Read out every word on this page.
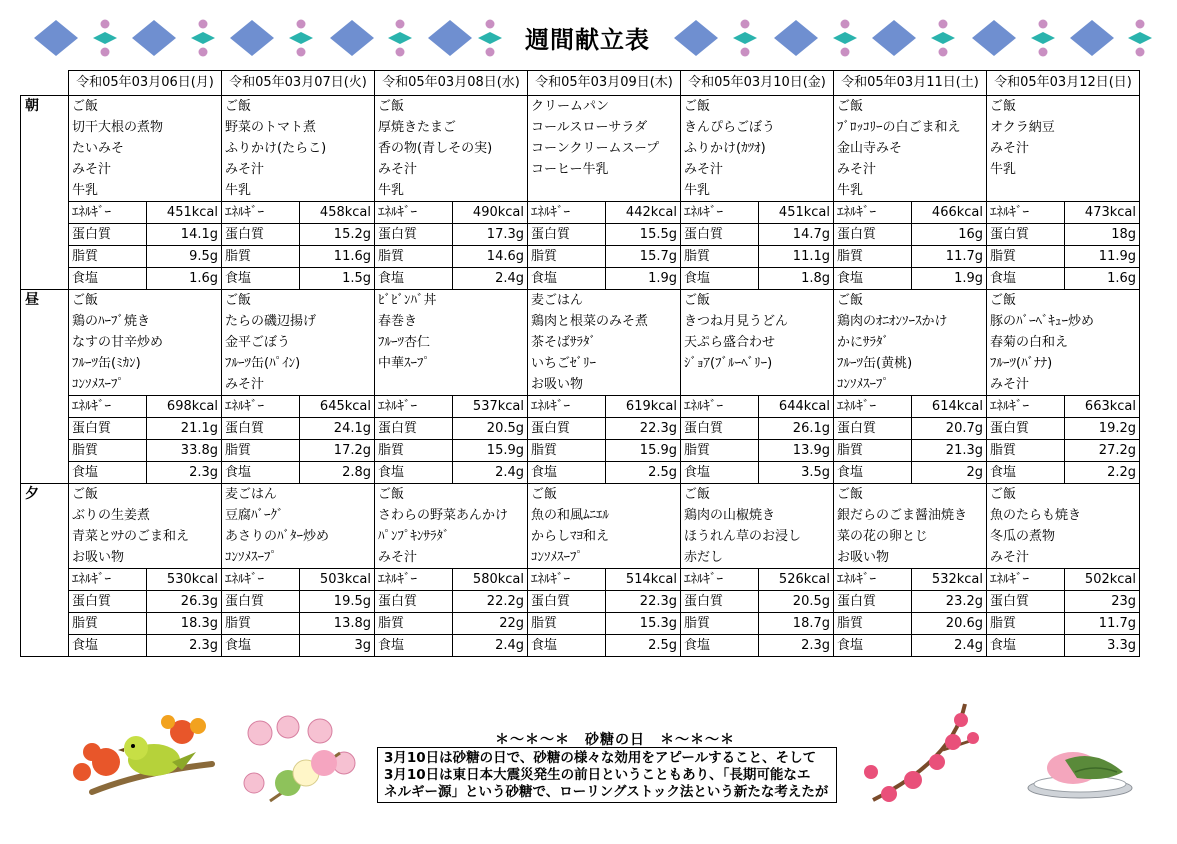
週間献立表
	令和05年03月06日(月)		令和05年03月07日(火)		令和05年03月08日(水)		令和05年03月09日(木)		令和05年03月10日(金)		令和05年03月11日(土)		令和05年03月12日(日)	
朝	ご飯		ご飯		ご飯		クリームパン		ご飯		ご飯		ご飯	
	切干大根の煮物		野菜のトマト煮		厚焼きたまご		コールスローサラダ		きんぴらごぼう		ﾌﾞﾛｯｺﾘｰの白ごま和え		オクラ納豆	
	たいみそ		ふりかけ(たらこ)		香の物(青しその実)		コーンクリームスープ		ふりかけ(ｶﾂｵ)		金山寺みそ		みそ汁	
	みそ汁		みそ汁		みそ汁		コーヒー牛乳		みそ汁		みそ汁		牛乳	
	牛乳		牛乳		牛乳				牛乳		牛乳			
	ｴﾈﾙｷﾞｰ	451kcal	ｴﾈﾙｷﾞｰ	458kcal	ｴﾈﾙｷﾞｰ	490kcal	ｴﾈﾙｷﾞｰ	442kcal	ｴﾈﾙｷﾞｰ	451kcal	ｴﾈﾙｷﾞｰ	466kcal	ｴﾈﾙｷﾞｰ	473kcal
	蛋白質	14.1g	蛋白質	15.2g	蛋白質	17.3g	蛋白質	15.5g	蛋白質	14.7g	蛋白質	16g	蛋白質	18g
	脂質	9.5g	脂質	11.6g	脂質	14.6g	脂質	15.7g	脂質	11.1g	脂質	11.7g	脂質	11.9g
	食塩	1.6g	食塩	1.5g	食塩	2.4g	食塩	1.9g	食塩	1.8g	食塩	1.9g	食塩	1.6g
昼	ご飯		ご飯		ﾋﾞﾋﾞﾝﾊﾞ丼		麦ごはん		ご飯		ご飯		ご飯	
	鶏のﾊｰﾌﾞ焼き		たらの磯辺揚げ		春巻き		鶏肉と根菜のみそ煮		きつね月見うどん		鶏肉のｵﾆｵﾝｿｰｽかけ		豚のﾊﾞｰﾍﾞｷｭｰ炒め	
	なすの甘辛炒め		金平ごぼう		ﾌﾙｰﾂ杏仁		茶そばｻﾗﾀﾞ		天ぷら盛合わせ		かにｻﾗﾀﾞ		春菊の白和え	
	ﾌﾙｰﾂ缶(ﾐｶﾝ)		ﾌﾙｰﾂ缶(ﾊﾟｲﾝ)		中華ｽｰﾌﾟ		いちごｾﾞﾘｰ		ｼﾞｮｱ(ﾌﾞﾙｰﾍﾞﾘｰ)		ﾌﾙｰﾂ缶(黄桃)		ﾌﾙｰﾂ(ﾊﾞﾅﾅ)	
	ｺﾝｿﾒｽｰﾌﾟ		みそ汁				お吸い物				ｺﾝｿﾒｽｰﾌﾟ		みそ汁	
	ｴﾈﾙｷﾞｰ	698kcal	ｴﾈﾙｷﾞｰ	645kcal	ｴﾈﾙｷﾞｰ	537kcal	ｴﾈﾙｷﾞｰ	619kcal	ｴﾈﾙｷﾞｰ	644kcal	ｴﾈﾙｷﾞｰ	614kcal	ｴﾈﾙｷﾞｰ	663kcal
	蛋白質	21.1g	蛋白質	24.1g	蛋白質	20.5g	蛋白質	22.3g	蛋白質	26.1g	蛋白質	20.7g	蛋白質	19.2g
	脂質	33.8g	脂質	17.2g	脂質	15.9g	脂質	15.9g	脂質	13.9g	脂質	21.3g	脂質	27.2g
	食塩	2.3g	食塩	2.8g	食塩	2.4g	食塩	2.5g	食塩	3.5g	食塩	2g	食塩	2.2g
夕	ご飯		麦ごはん		ご飯		ご飯		ご飯		ご飯		ご飯	
	ぶりの生姜煮		豆腐ﾊﾞｰｸﾞ		さわらの野菜あんかけ		魚の和風ﾑﾆｴﾙ		鶏肉の山椒焼き		銀だらのごま醤油焼き		魚のたらも焼き	
	青菜とﾂﾅのごま和え		あさりのﾊﾞﾀｰ炒め		ﾊﾟﾝﾌﾟｷﾝｻﾗﾀﾞ		からしﾏﾖ和え		ほうれん草のお浸し		菜の花の卵とじ		冬瓜の煮物	
	お吸い物		ｺﾝｿﾒｽｰﾌﾟ		みそ汁		ｺﾝｿﾒｽｰﾌﾟ		赤だし		お吸い物		みそ汁	
	ｴﾈﾙｷﾞｰ	530kcal	ｴﾈﾙｷﾞｰ	503kcal	ｴﾈﾙｷﾞｰ	580kcal	ｴﾈﾙｷﾞｰ	514kcal	ｴﾈﾙｷﾞｰ	526kcal	ｴﾈﾙｷﾞｰ	532kcal	ｴﾈﾙｷﾞｰ	502kcal
	蛋白質	26.3g	蛋白質	19.5g	蛋白質	22.2g	蛋白質	22.3g	蛋白質	20.5g	蛋白質	23.2g	蛋白質	23g
	脂質	18.3g	脂質	13.8g	脂質	22g	脂質	15.3g	脂質	18.7g	脂質	20.6g	脂質	11.7g
	食塩	2.3g	食塩	3g	食塩	2.4g	食塩	2.5g	食塩	2.3g	食塩	2.4g	食塩	3.3g
＊～＊～＊　砂糖の日　＊～＊～＊
3月10日は砂糖の日で、砂糖の様々な効用をアピールすること、そして
3月10日は東日本大震災発生の前日ということもあり、「長期可能なエ
ネルギー源」という砂糖で、ローリングストック法という新たな考えたが
